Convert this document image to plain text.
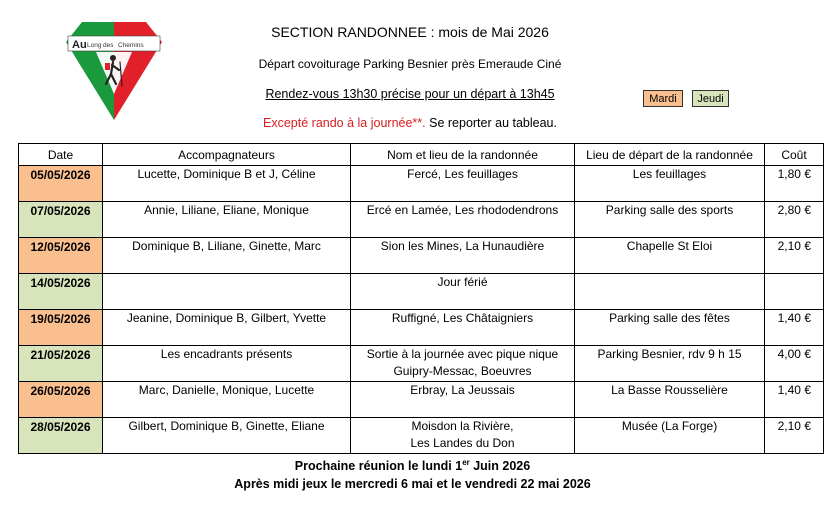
Au Long des Chemins
SECTION RANDONNEE : mois de Mai 2026
Départ covoiturage Parking Besnier près Emeraude Ciné
Rendez-vous 13h30 précise pour un départ à 13h45
Excepté rando à la journée**. Se reporter au tableau.
Mardi	Jeudi
Date	Accompagnateurs	Nom et lieu de la randonnée	Lieu de départ de la randonnée	Coût
05/05/2026	Lucette, Dominique B et J, Céline	Fercé, Les feuillages	Les feuillages	1,80 €
07/05/2026	Annie, Liliane, Eliane, Monique	Ercé en Lamée, Les rhododendrons	Parking salle des sports	2,80 €
12/05/2026	Dominique B, Liliane, Ginette, Marc	Sion les Mines, La Hunaudière	Chapelle St Eloi	2,10 €
14/05/2026		Jour férié		

19/05/2026	Jeanine, Dominique B, Gilbert, Yvette	Ruffigné, Les Châtaigniers	Parking salle des fêtes	1,40 €
21/05/2026	Les encadrants présents	Sortie à la journée avec pique nique
Guipry-Messac, Boeuvres	Parking Besnier, rdv 9 h 15	4,00 €
26/05/2026	Marc, Danielle, Monique, Lucette	Erbray, La Jeussais	La Basse Rousselière	1,40 €
28/05/2026	Gilbert, Dominique B, Ginette, Eliane	Moisdon la Rivière,
Les Landes du Don	Musée (La Forge)	2,10 €
Prochaine réunion le lundi 1er Juin 2026
Après midi jeux le mercredi 6 mai et le vendredi 22 mai 2026
